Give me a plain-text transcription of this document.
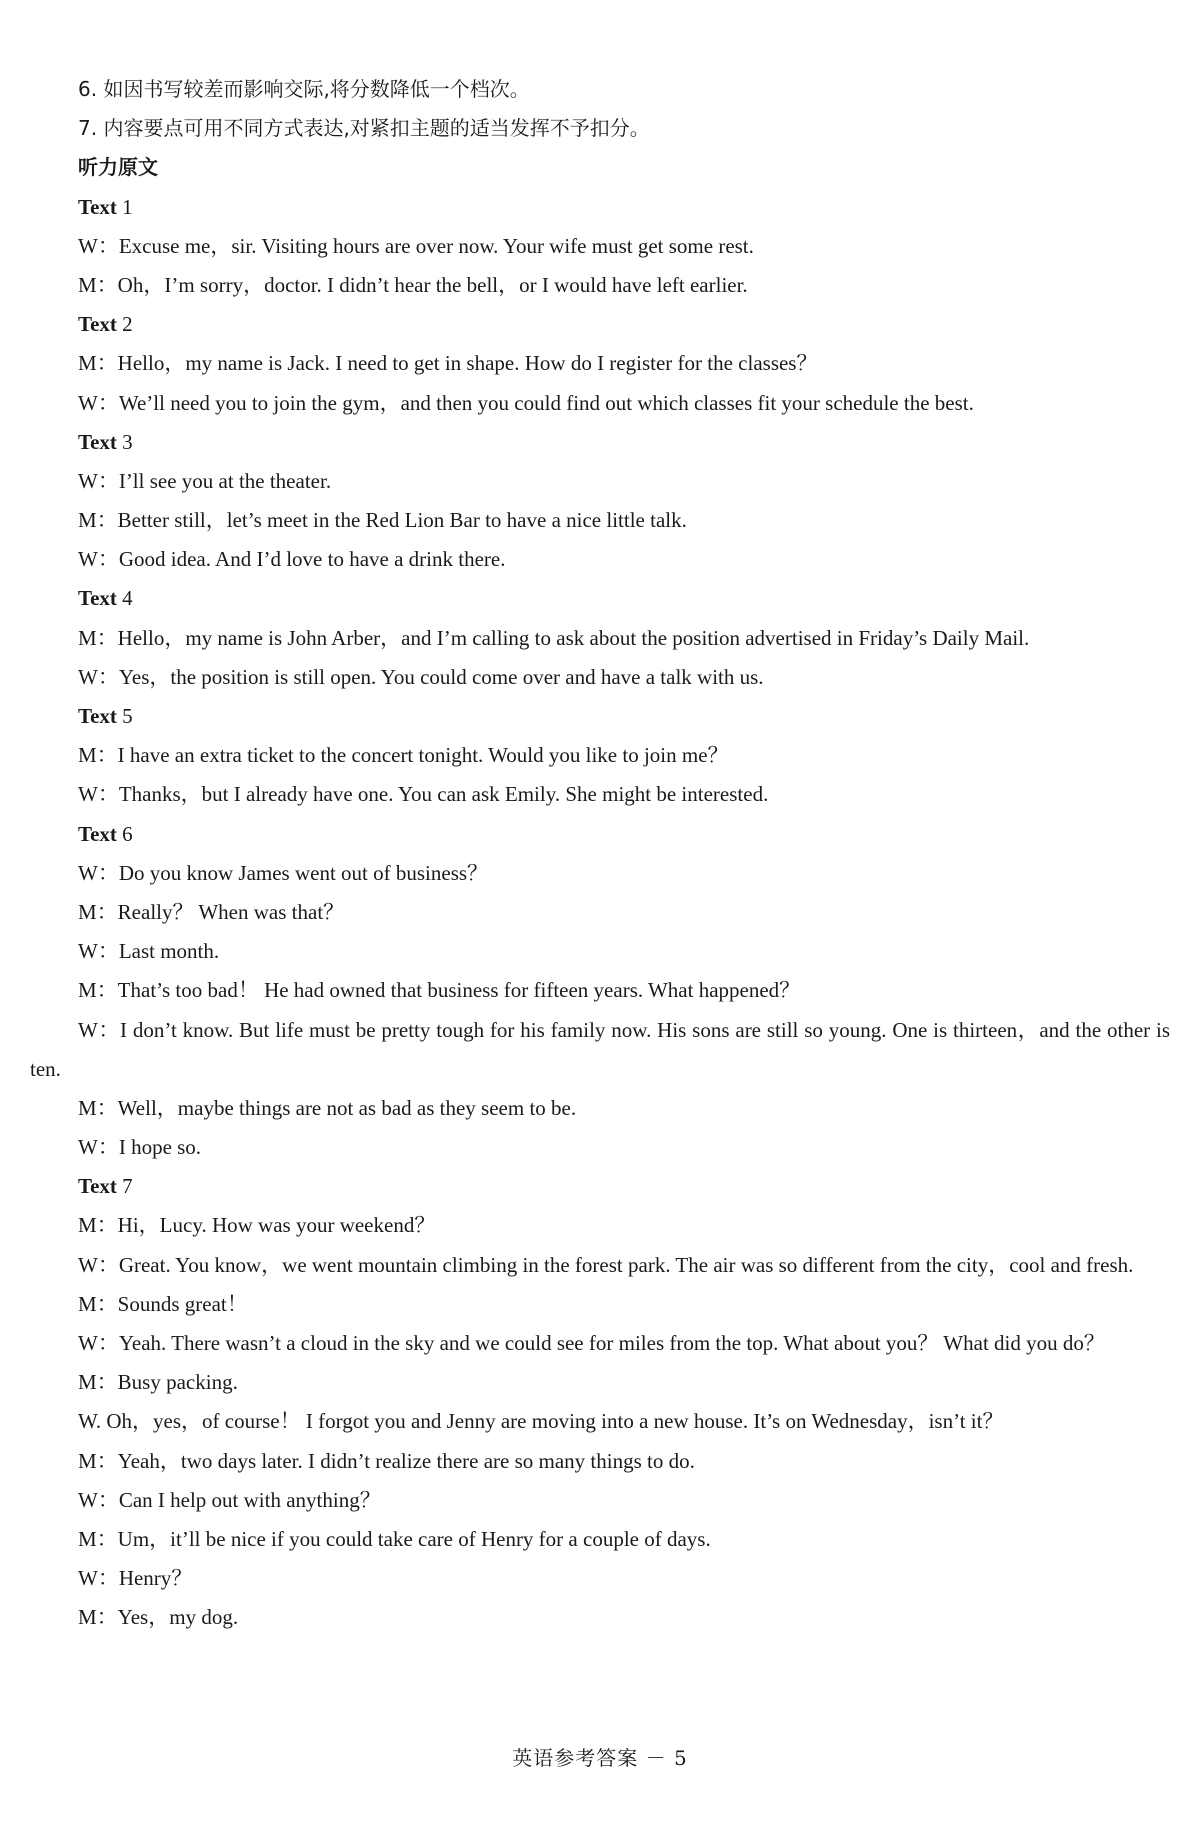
6. 如因书写较差而影响交际,将分数降低一个档次。
7. 内容要点可用不同方式表达,对紧扣主题的适当发挥不予扣分。
听力原文
Text 1
W：Excuse me，sir. Visiting hours are over now. Your wife must get some rest.
M：Oh，I’m sorry，doctor. I didn’t hear the bell，or I would have left earlier.
Text 2
M：Hello，my name is Jack. I need to get in shape. How do I register for the classes？
W：We’ll need you to join the gym，and then you could find out which classes fit your schedule the best.
Text 3
W：I’ll see you at the theater.
M：Better still，let’s meet in the Red Lion Bar to have a nice little talk.
W：Good idea. And I’d love to have a drink there.
Text 4
M：Hello，my name is John Arber，and I’m calling to ask about the position advertised in Friday’s Daily Mail.
W：Yes，the position is still open. You could come over and have a talk with us.
Text 5
M：I have an extra ticket to the concert tonight. Would you like to join me？
W：Thanks，but I already have one. You can ask Emily. She might be interested.
Text 6
W：Do you know James went out of business？
M：Really？ When was that？
W：Last month.
M：That’s too bad！ He had owned that business for fifteen years. What happened？
W：I don’t know. But life must be pretty tough for his family now. His sons are still so young. One is thirteen，and the other is ten.
M：Well，maybe things are not as bad as they seem to be.
W：I hope so.
Text 7
M：Hi，Lucy. How was your weekend？
W：Great. You know，we went mountain climbing in the forest park. The air was so different from the city，cool and fresh.
M：Sounds great！
W：Yeah. There wasn’t a cloud in the sky and we could see for miles from the top. What about you？ What did you do？
M：Busy packing.
W. Oh，yes，of course！ I forgot you and Jenny are moving into a new house. It’s on Wednesday，isn’t it？
M：Yeah，two days later. I didn’t realize there are so many things to do.
W：Can I help out with anything？
M：Um，it’ll be nice if you could take care of Henry for a couple of days.
W：Henry？
M：Yes，my dog.
英语参考答案 － 5
